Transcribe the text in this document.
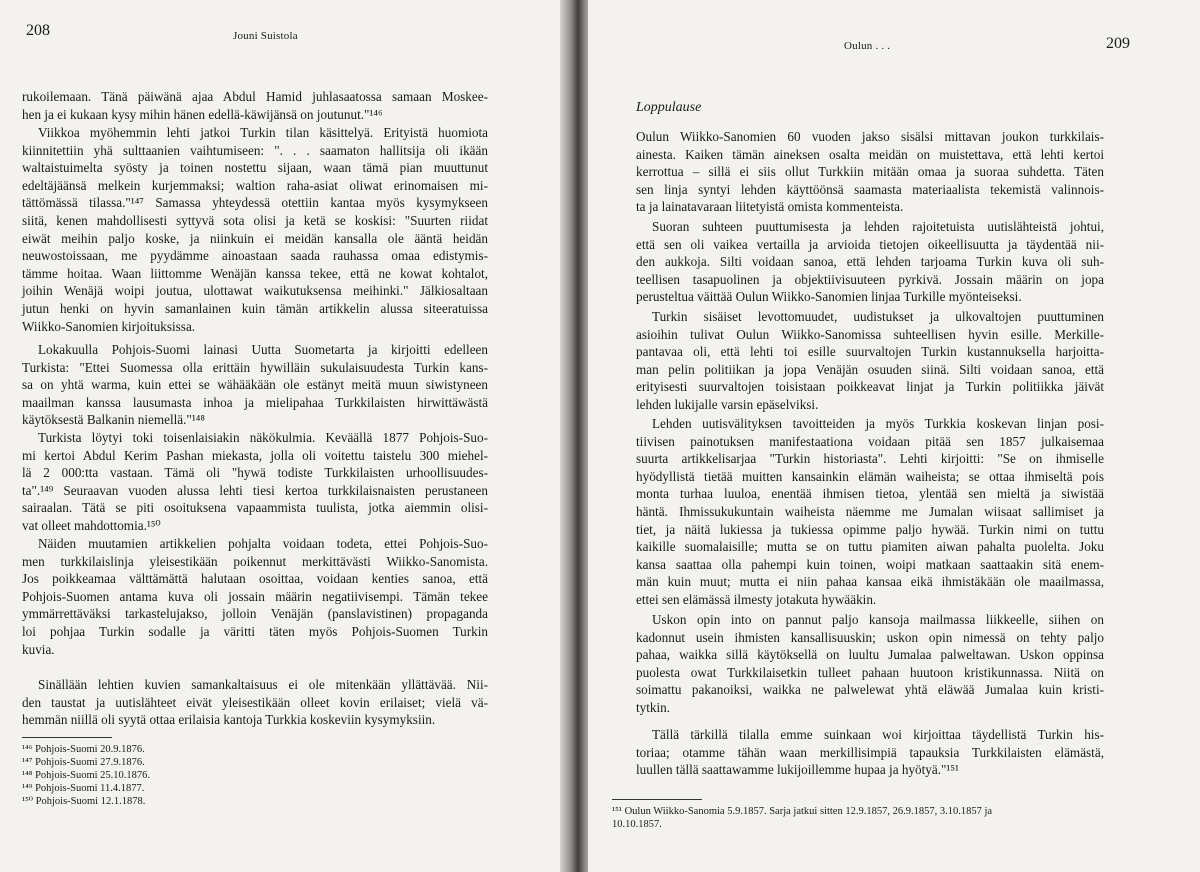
208	Jouni Suistola
rukoilemaan. Tänä päiwänä ajaa Abdul Hamid juhlasaatossa samaan Moskee-
hen ja ei kukaan kysy mihin hänen edellä-käwijänsä on joutunut."¹⁴⁶
Viikkoa myöhemmin lehti jatkoi Turkin tilan käsittelyä. Erityistä huomiota
kiinnitettiin yhä sulttaanien vaihtumiseen: ". . . saamaton hallitsija oli ikään
waltaistuimelta syösty ja toinen nostettu sijaan, waan tämä pian muuttunut
edeltäjäänsä melkein kurjemmaksi; waltion raha-asiat oliwat erinomaisen mi-
tättömässä tilassa."¹⁴⁷ Samassa yhteydessä otettiin kantaa myös kysymykseen
siitä, kenen mahdollisesti syttyvä sota olisi ja ketä se koskisi: "Suurten riidat
eiwät meihin paljo koske, ja niinkuin ei meidän kansalla ole ääntä heidän
neuwostoissaan, me pyydämme ainoastaan saada rauhassa omaa edistymis-
tämme hoitaa. Waan liittomme Wenäjän kanssa tekee, että ne kowat kohtalot,
joihin Wenäjä woipi joutua, ulottawat waikutuksensa meihinki." Jälkiosaltaan
jutun henki on hyvin samanlainen kuin tämän artikkelin alussa siteeratuissa
Wiikko-Sanomien kirjoituksissa.
Lokakuulla Pohjois-Suomi lainasi Uutta Suometarta ja kirjoitti edelleen
Turkista: "Ettei Suomessa olla erittäin hywilläin sukulaisuudesta Turkin kans-
sa on yhtä warma, kuin ettei se wähääkään ole estänyt meitä muun siwistyneen
maailman kanssa lausumasta inhoa ja mielipahaa Turkkilaisten hirwittäwästä
käytöksestä Balkanin niemellä."¹⁴⁸
Turkista löytyi toki toisenlaisiakin näkökulmia. Keväällä 1877 Pohjois-Suo-
mi kertoi Abdul Kerim Pashan miekasta, jolla oli voitettu taistelu 300 miehel-
lä 2 000:tta vastaan. Tämä oli "hywä todiste Turkkilaisten urhoollisuudes-
ta".¹⁴⁹ Seuraavan vuoden alussa lehti tiesi kertoa turkkilaisnaisten perustaneen
sairaalan. Tätä se piti osoituksena vapaammista tuulista, jotka aiemmin olisi-
vat olleet mahdottomia.¹⁵⁰
Näiden muutamien artikkelien pohjalta voidaan todeta, ettei Pohjois-Suo-
men turkkilaislinja yleisestikään poikennut merkittävästi Wiikko-Sanomista.
Jos poikkeamaa välttämättä halutaan osoittaa, voidaan kenties sanoa, että
Pohjois-Suomen antama kuva oli jossain määrin negatiivisempi. Tämän tekee
ymmärrettäväksi tarkastelujakso, jolloin Venäjän (panslavistinen) propaganda
loi pohjaa Turkin sodalle ja väritti täten myös Pohjois-Suomen Turkin
kuvia.
Sinällään lehtien kuvien samankaltaisuus ei ole mitenkään yllättävää. Nii-
den taustat ja uutislähteet eivät yleisestikään olleet kovin erilaiset; vielä vä-
hemmän niillä oli syytä ottaa erilaisia kantoja Turkkia koskeviin kysymyksiin.
¹⁴⁶ Pohjois-Suomi 20.9.1876.
¹⁴⁷ Pohjois-Suomi 27.9.1876.
¹⁴⁸ Pohjois-Suomi 25.10.1876.
¹⁴⁹ Pohjois-Suomi 11.4.1877.
¹⁵⁰ Pohjois-Suomi 12.1.1878.
Oulun . . .	209
Loppulause
Oulun Wiikko-Sanomien 60 vuoden jakso sisälsi mittavan joukon turkkilais-
ainesta. Kaiken tämän aineksen osalta meidän on muistettava, että lehti kertoi
kerrottua – sillä ei siis ollut Turkkiin mitään omaa ja suoraa suhdetta. Täten
sen linja syntyi lehden käyttöönsä saamasta materiaalista tekemistä valinnois-
ta ja lainatavaraan liitetyistä omista kommenteista.
Suoran suhteen puuttumisesta ja lehden rajoitetuista uutislähteistä johtui,
että sen oli vaikea vertailla ja arvioida tietojen oikeellisuutta ja täydentää nii-
den aukkoja. Silti voidaan sanoa, että lehden tarjoama Turkin kuva oli suh-
teellisen tasapuolinen ja objektiivisuuteen pyrkivä. Jossain määrin on jopa
perusteltua väittää Oulun Wiikko-Sanomien linjaa Turkille myönteiseksi.
Turkin sisäiset levottomuudet, uudistukset ja ulkovaltojen puuttuminen
asioihin tulivat Oulun Wiikko-Sanomissa suhteellisen hyvin esille. Merkille-
pantavaa oli, että lehti toi esille suurvaltojen Turkin kustannuksella harjoitta-
man pelin politiikan ja jopa Venäjän osuuden siinä. Silti voidaan sanoa, että
erityisesti suurvaltojen toisistaan poikkeavat linjat ja Turkin politiikka jäivät
lehden lukijalle varsin epäselviksi.
Lehden uutisvälityksen tavoitteiden ja myös Turkkia koskevan linjan posi-
tiivisen painotuksen manifestaationa voidaan pitää sen 1857 julkaisemaa
suurta artikkelisarjaa "Turkin historiasta". Lehti kirjoitti: "Se on ihmiselle
hyödyllistä tietää muitten kansainkin elämän waiheista; se ottaa ihmiseltä pois
monta turhaa luuloa, enentää ihmisen tietoa, ylentää sen mieltä ja siwistää
häntä. Ihmissukukuntain waiheista näemme me Jumalan wiisaat sallimiset ja
tiet, ja näitä lukiessa ja tukiessa opimme paljo hywää. Turkin nimi on tuttu
kaikille suomalaisille; mutta se on tuttu piamiten aiwan pahalta puolelta. Joku
kansa saattaa olla pahempi kuin toinen, woipi matkaan saattaakin sitä enem-
män kuin muut; mutta ei niin pahaa kansaa eikä ihmistäkään ole maailmassa,
ettei sen elämässä ilmesty jotakuta hywääkin.
Uskon opin into on pannut paljo kansoja mailmassa liikkeelle, siihen on
kadonnut usein ihmisten kansallisuuskin; uskon opin nimessä on tehty paljo
pahaa, waikka sillä käytöksellä on luultu Jumalaa palweltawan. Uskon oppinsa
puolesta owat Turkkilaisetkin tulleet pahaan huutoon kristikunnassa. Niitä on
soimattu pakanoiksi, waikka ne palwelewat yhtä eläwää Jumalaa kuin kristi-
tytkin.
Tällä tärkillä tilalla emme suinkaan woi kirjoittaa täydellistä Turkin his-
toriaa; otamme tähän waan merkillisimpiä tapauksia Turkkilaisten elämästä,
luullen tällä saattawamme lukijoillemme hupaa ja hyötyä."¹⁵¹
¹⁵¹ Oulun Wiikko-Sanomia 5.9.1857. Sarja jatkui sitten 12.9.1857, 26.9.1857, 3.10.1857 ja
10.10.1857.
